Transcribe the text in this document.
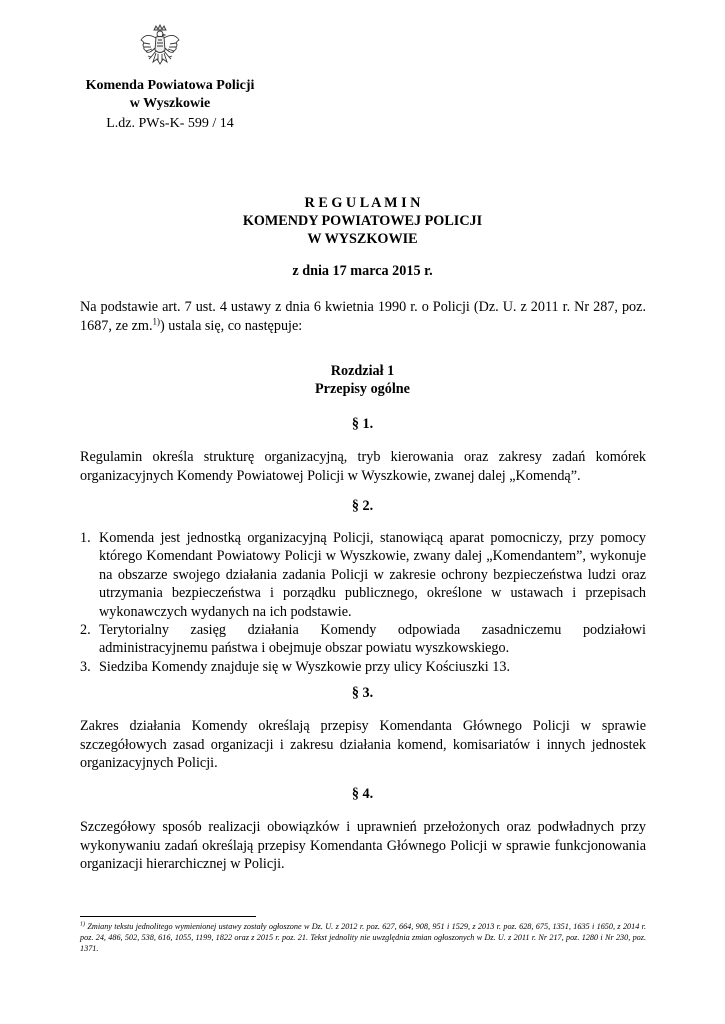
Komenda Powiatowa Policji
w Wyszkowie
L.dz. PWs-K- 599 / 14
R E G U L A M I N
KOMENDY POWIATOWEJ POLICJI
W WYSZKOWIE
z dnia 17 marca 2015 r.
Na podstawie art. 7 ust. 4 ustawy z dnia 6 kwietnia 1990 r. o Policji (Dz. U. z 2011 r. Nr 287, poz. 1687, ze zm.$^{1)}$) ustala się, co następuje:
Rozdział 1
Przepisy ogólne
§ 1.
Regulamin określa strukturę organizacyjną, tryb kierowania oraz zakresy zadań komórek organizacyjnych Komendy Powiatowej Policji w Wyszkowie, zwanej dalej „Komendą”.
§ 2.
1. Komenda jest jednostką organizacyjną Policji, stanowiącą aparat pomocniczy, przy pomocy którego Komendant Powiatowy Policji w Wyszkowie, zwany dalej „Komendantem”, wykonuje na obszarze swojego działania zadania Policji w zakresie ochrony bezpieczeństwa ludzi oraz utrzymania bezpieczeństwa i porządku publicznego, określone w ustawach i przepisach wykonawczych wydanych na ich podstawie.
2. Terytorialny zasięg działania Komendy odpowiada zasadniczemu podziałowi administracyjnemu państwa i obejmuje obszar powiatu wyszkowskiego.
3. Siedziba Komendy znajduje się w Wyszkowie przy ulicy Kościuszki 13.
§ 3.
Zakres działania Komendy określają przepisy Komendanta Głównego Policji w sprawie szczegółowych zasad organizacji i zakresu działania komend, komisariatów i innych jednostek organizacyjnych Policji.
§ 4.
Szczegółowy sposób realizacji obowiązków i uprawnień przełożonych oraz podwładnych przy wykonywaniu zadań określają przepisy Komendanta Głównego Policji w sprawie funkcjonowania organizacji hierarchicznej w Policji.
$^{1)}$ Zmiany tekstu jednolitego wymienionej ustawy zostały ogłoszone w Dz. U. z 2012 r. poz. 627, 664, 908, 951 i 1529, z 2013 r. poz. 628, 675, 1351, 1635 i 1650, z 2014 r. poz. 24, 486, 502, 538, 616, 1055, 1199, 1822 oraz z 2015 r. poz. 21. Tekst jednolity nie uwzględnia zmian ogłoszonych w Dz. U. z 2011 r. Nr 217, poz. 1280 i Nr 230, poz. 1371.
